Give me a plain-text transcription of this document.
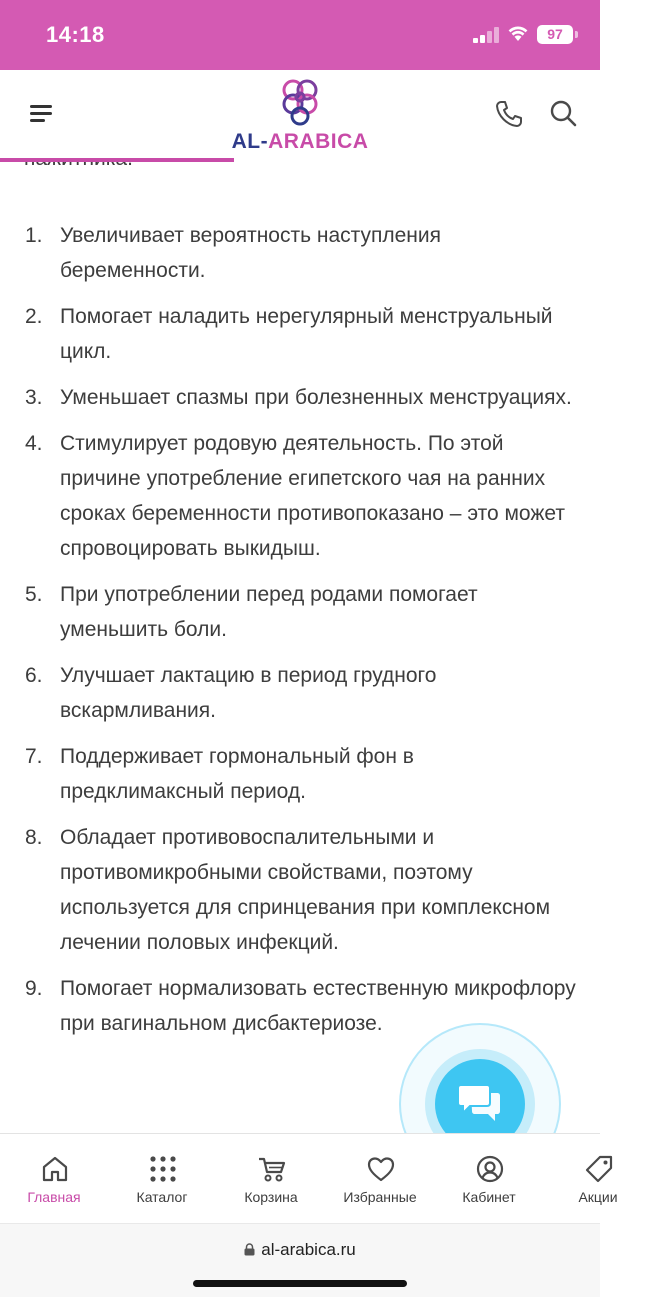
1. Увеличивает вероятность наступления беременности.
2. Помогает наладить нерегулярный менструальный цикл.
3. Уменьшает спазмы при болезненных менструациях.
4. Стимулирует родовую деятельность. По этой причине употребление египетского чая на ранних сроках беременности противопоказано – это может спровоцировать выкидыш.
5. При употреблении перед родами помогает уменьшить боли.
6. Улучшает лактацию в период грудного вскармливания.
7. Поддерживает гормональный фон в предклимаксный период.
8. Обладает противовоспалительными и противомикробными свойствами, поэтому используется для спринцевания при комплексном лечении половых инфекций.
9. Помогает нормализовать естественную микрофлору при вагинальном дисбактериозе.
14:18	97
AL-ARABICA
Главная	Каталог	Корзина	Избранные	Кабинет	Акции
al-arabica.ru
